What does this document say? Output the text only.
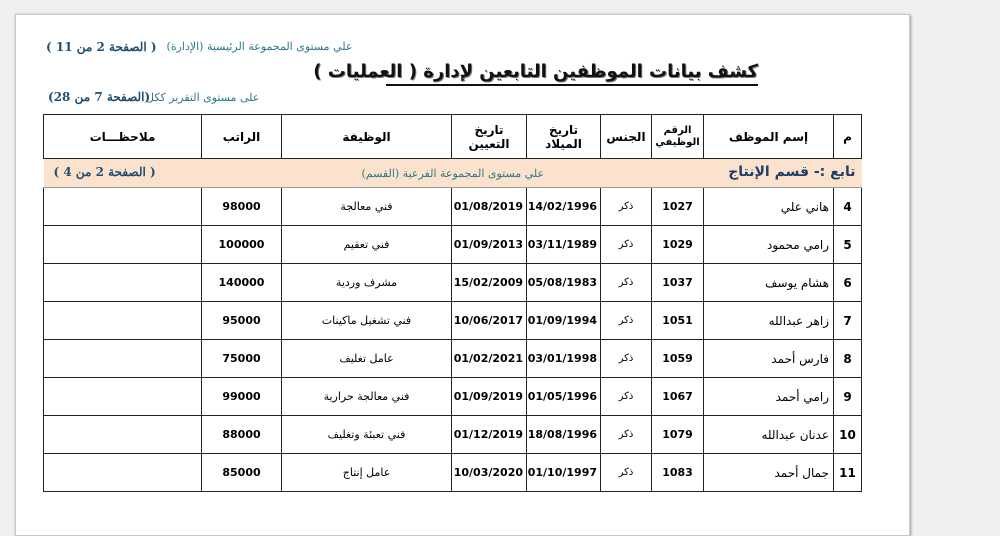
علي مستوى المجموعة الرئيسية (الإدارة)
( الصفحة 2 من 11 )
على مستوى التقرير ككل
(الصفحة 7 من 28)
كشف بيانات الموظفين التابعين لإدارة ( العمليات )
م	إسم الموظف	الرقم الوظيفي	الجنس	تاريخ الميلاد	تاريخ التعيين	الوظيفة	الراتب	ملاحظـــات

تابع :- قسم الإنتاج
علي مستوى المجموعة الفرعية (القسم)
( الصفحة 2 من 4 )								

4	هاني علي	1027	ذكر	14/02/1996	01/08/2019	فني معالجة	98000	
5	رامي محمود	1029	ذكر	03/11/1989	01/09/2013	فني تعقيم	100000	
6	هشام يوسف	1037	ذكر	05/08/1983	15/02/2009	مشرف وردية	140000	
7	زاهر عبدالله	1051	ذكر	01/09/1994	10/06/2017	فني تشغيل ماكينات	95000	
8	فارس أحمد	1059	ذكر	03/01/1998	01/02/2021	عامل تغليف	75000	
9	رامي أحمد	1067	ذكر	01/05/1996	01/09/2019	فني معالجة حرارية	99000	
10	عدنان عبدالله	1079	ذكر	18/08/1996	01/12/2019	فني تعبئة وتغليف	88000	
11	جمال أحمد	1083	ذكر	01/10/1997	10/03/2020	عامل إنتاج	85000	
